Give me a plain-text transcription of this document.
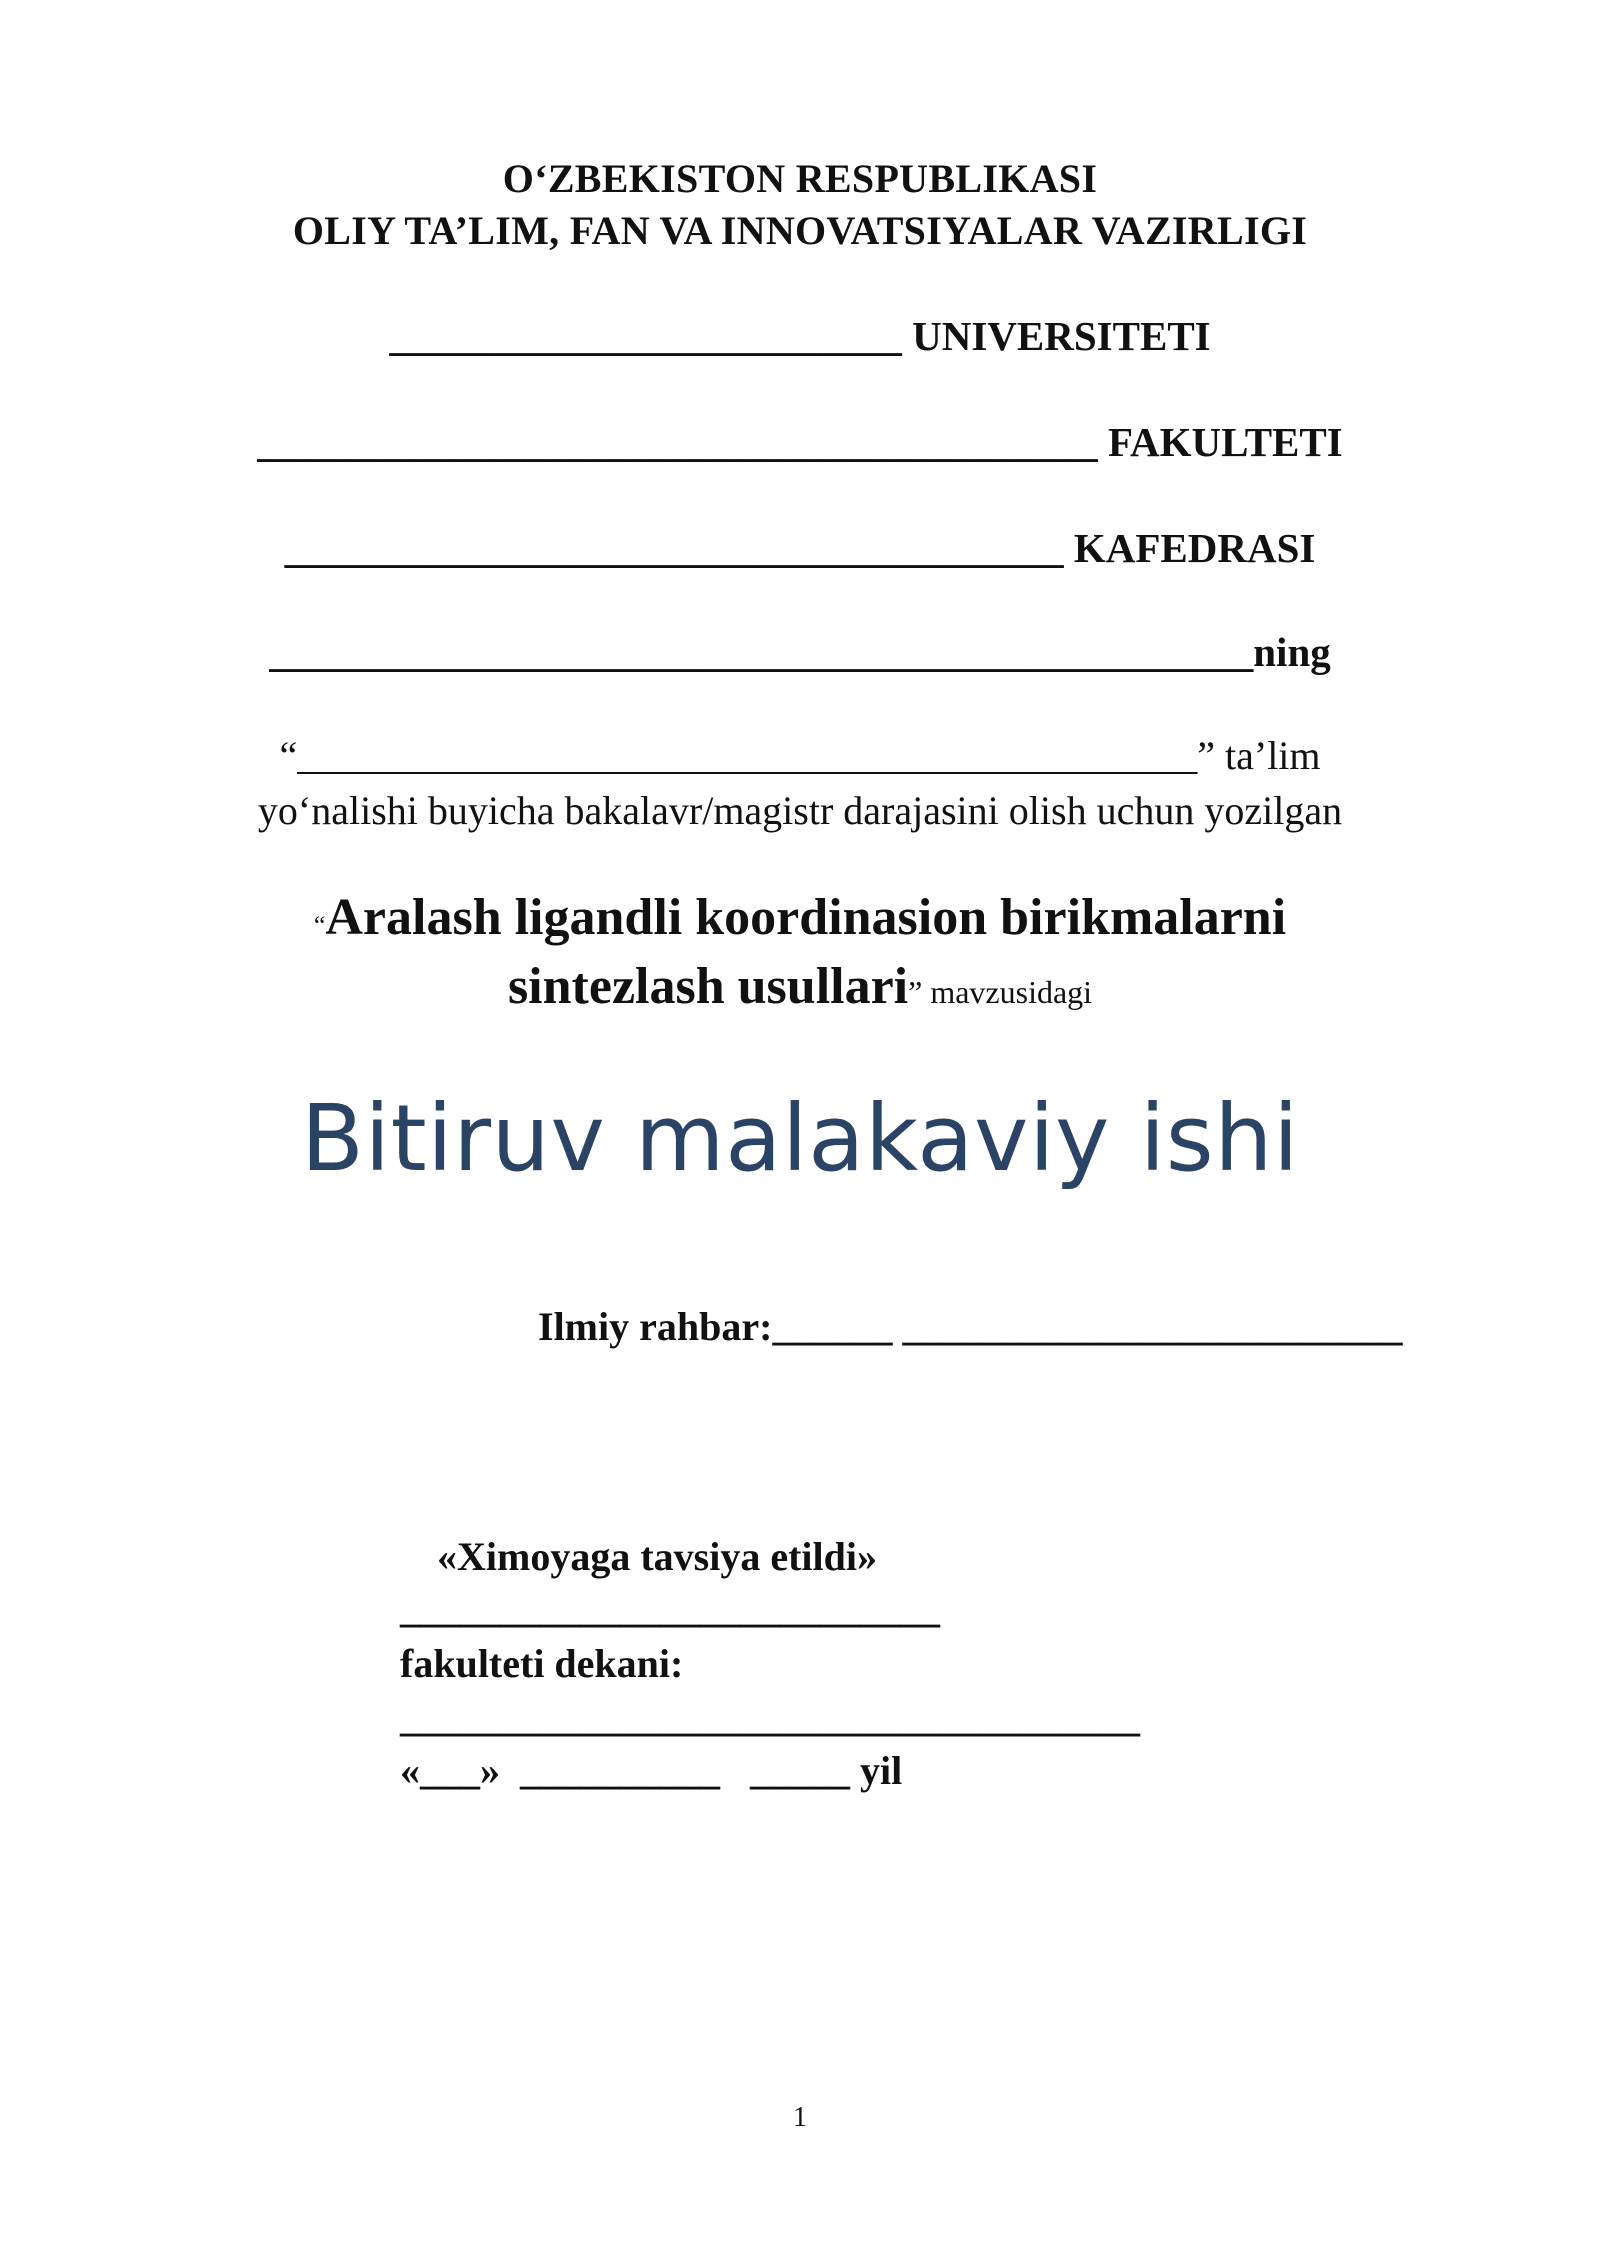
O‘ZBEKISTON RESPUBLIKASI
OLIY TA’LIM, FAN VA INNOVATSIYALAR VAZIRLIGI
_________________________ UNIVERSITETI
_________________________________________ FAKULTETI
______________________________________ KAFEDRASI
________________________________________________ning
“_____________________________________________” ta’lim
yo‘nalishi buyicha bakalavr/magistr darajasini olish uchun yozilgan
“Aralash ligandli koordinasion birikmalarni
sintezlash usullari” mavzusidagi
Bitiruv malakaviy ishi
Ilmiy rahbar:______ _________________________
«Ximoyaga tavsiya etildi»
___________________________
fakulteti dekani:
_____________________________________
«___» __________ _____ yil
1
